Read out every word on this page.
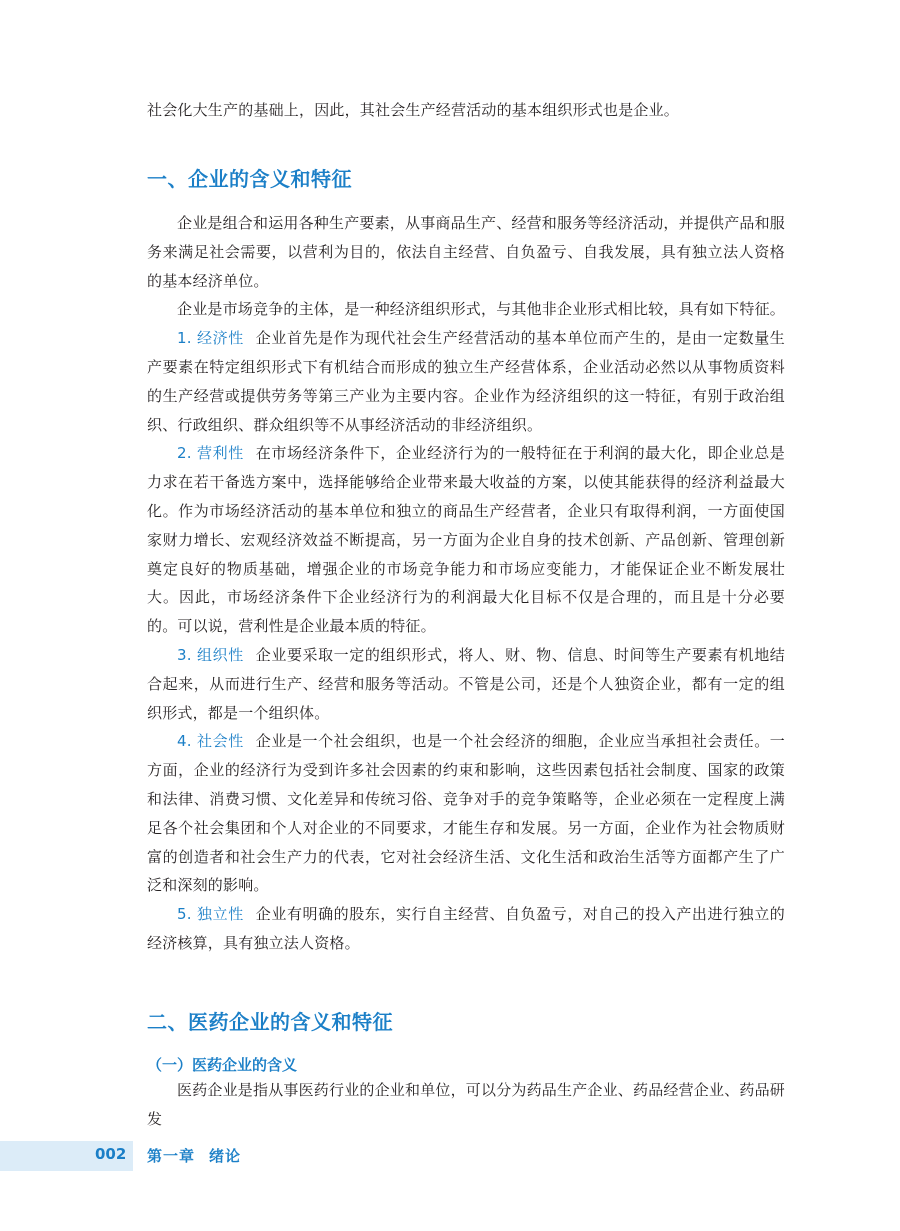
社会化大生产的基础上，因此，其社会生产经营活动的基本组织形式也是企业。

一、企业的含义和特征

企业是组合和运用各种生产要素，从事商品生产、经营和服务等经济活动，并提供产品和服务来满足社会需要，以营利为目的，依法自主经营、自负盈亏、自我发展，具有独立法人资格的基本经济单位。

企业是市场竞争的主体，是一种经济组织形式，与其他非企业形式相比较，具有如下特征。

1. 经济性 企业首先是作为现代社会生产经营活动的基本单位而产生的，是由一定数量生产要素在特定组织形式下有机结合而形成的独立生产经营体系，企业活动必然以从事物质资料的生产经营或提供劳务等第三产业为主要内容。企业作为经济组织的这一特征，有别于政治组织、行政组织、群众组织等不从事经济活动的非经济组织。

2. 营利性 在市场经济条件下，企业经济行为的一般特征在于利润的最大化，即企业总是力求在若干备选方案中，选择能够给企业带来最大收益的方案，以使其能获得的经济利益最大化。作为市场经济活动的基本单位和独立的商品生产经营者，企业只有取得利润，一方面使国家财力增长、宏观经济效益不断提高，另一方面为企业自身的技术创新、产品创新、管理创新奠定良好的物质基础，增强企业的市场竞争能力和市场应变能力，才能保证企业不断发展壮大。因此，市场经济条件下企业经济行为的利润最大化目标不仅是合理的，而且是十分必要的。可以说，营利性是企业最本质的特征。

3. 组织性 企业要采取一定的组织形式，将人、财、物、信息、时间等生产要素有机地结合起来，从而进行生产、经营和服务等活动。不管是公司，还是个人独资企业，都有一定的组织形式，都是一个组织体。

4. 社会性 企业是一个社会组织，也是一个社会经济的细胞，企业应当承担社会责任。一方面，企业的经济行为受到许多社会因素的约束和影响，这些因素包括社会制度、国家的政策和法律、消费习惯、文化差异和传统习俗、竞争对手的竞争策略等，企业必须在一定程度上满足各个社会集团和个人对企业的不同要求，才能生存和发展。另一方面，企业作为社会物质财富的创造者和社会生产力的代表，它对社会经济生活、文化生活和政治生活等方面都产生了广泛和深刻的影响。

5. 独立性 企业有明确的股东，实行自主经营、自负盈亏，对自己的投入产出进行独立的经济核算，具有独立法人资格。

二、医药企业的含义和特征
（一）医药企业的含义

医药企业是指从事医药行业的企业和单位，可以分为药品生产企业、药品经营企业、药品研发

002 第一章 绪论
